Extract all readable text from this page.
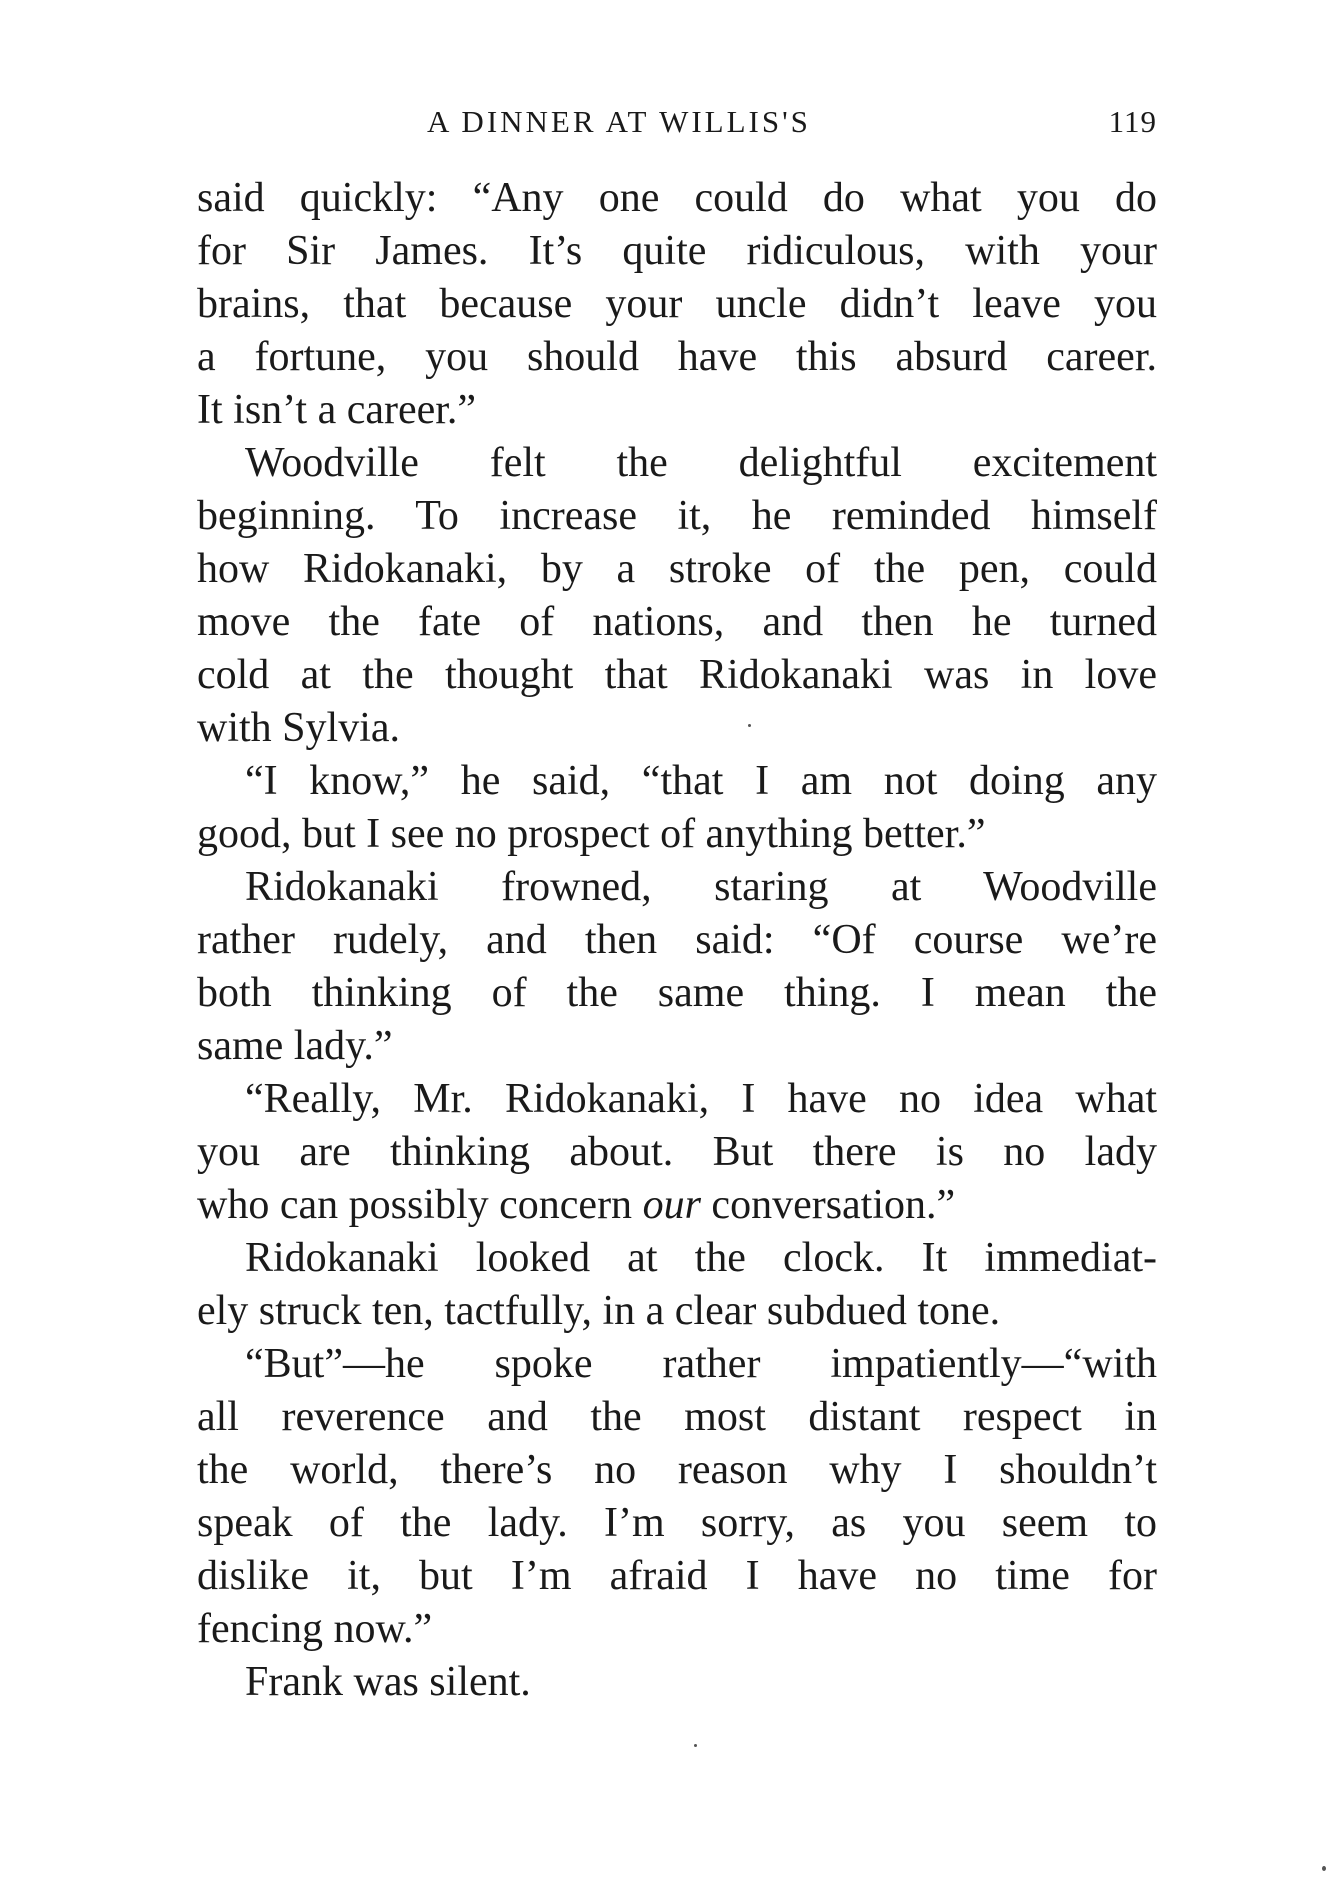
A DINNER AT WILLIS'S	119
said quickly: “Any one could do what you do
for Sir James. It’s quite ridiculous, with your
brains, that because your uncle didn’t leave you
a fortune, you should have this absurd career.
It isn’t a career.”
Woodville felt the delightful excitement
beginning. To increase it, he reminded himself
how Ridokanaki, by a stroke of the pen, could
move the fate of nations, and then he turned
cold at the thought that Ridokanaki was in love
with Sylvia.
“I know,” he said, “that I am not doing any
good, but I see no prospect of anything better.”
Ridokanaki frowned, staring at Woodville
rather rudely, and then said: “Of course we’re
both thinking of the same thing. I mean the
same lady.”
“Really, Mr. Ridokanaki, I have no idea what
you are thinking about. But there is no lady
who can possibly concern our conversation.”
Ridokanaki looked at the clock. It immediat-
ely struck ten, tactfully, in a clear subdued tone.
“But”—he spoke rather impatiently—“with
all reverence and the most distant respect in
the world, there’s no reason why I shouldn’t
speak of the lady. I’m sorry, as you seem to
dislike it, but I’m afraid I have no time for
fencing now.”
Frank was silent.
